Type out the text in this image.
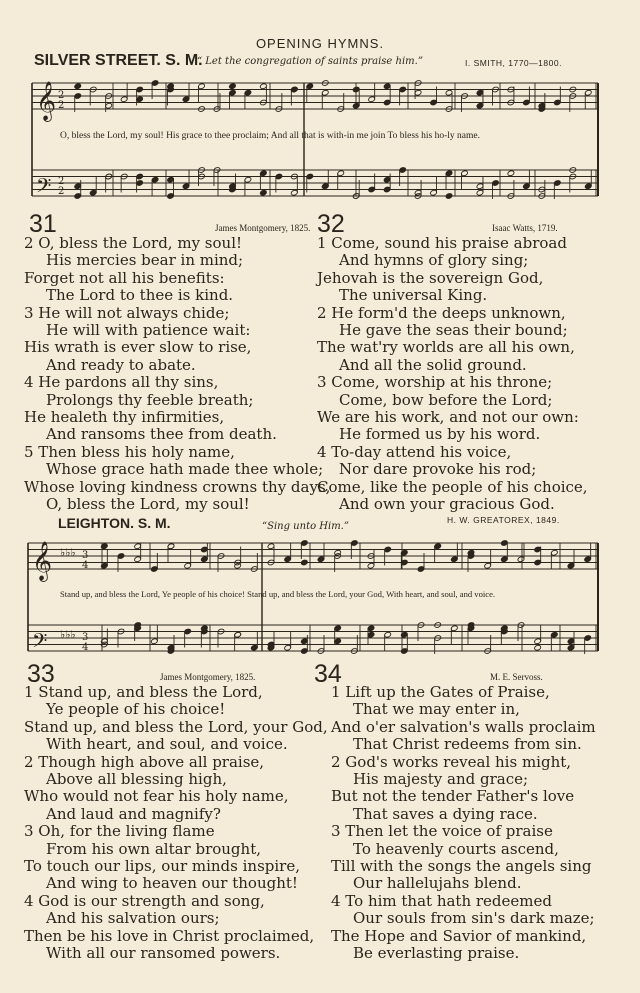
OPENING HYMNS.
SILVER STREET. S. M.
“ Let the congregation of saints praise him.”	I. SMITH, 1770—1800.
𝄞
𝄢
2
2
2
2
O, bless the Lord, my soul! His grace to thee proclaim; And all that is with-in me join To bless his ho-ly name.
31	James Montgomery, 1825.
2 O, bless the Lord, my soul!
His mercies bear in mind;
Forget not all his benefits:
The Lord to thee is kind.
3 He will not always chide;
He will with patience wait:
His wrath is ever slow to rise,
And ready to abate.
4 He pardons all thy sins,
Prolongs thy feeble breath;
He healeth thy infirmities,
And ransoms thee from death.
5 Then bless his holy name,
Whose grace hath made thee whole;
Whose loving kindness crowns thy days,
O, bless the Lord, my soul!
32	Isaac Watts, 1719.
1 Come, sound his praise abroad
And hymns of glory sing;
Jehovah is the sovereign God,
The universal King.
2 He form'd the deeps unknown,
He gave the seas their bound;
The wat'ry worlds are all his own,
And all the solid ground.
3 Come, worship at his throne;
Come, bow before the Lord;
We are his work, and not our own:
He formed us by his word.
4 To-day attend his voice,
Nor dare provoke his rod;
Come, like the people of his choice,
And own your gracious God.
LEIGHTON. S. M.	“Sing unto Him.”
H. W. GREATOREX, 1849.
𝄞
𝄢
♭♭♭
♭♭♭
3
4
3
4
Stand up, and bless the Lord, Ye people of his choice! Stand up, and bless the Lord, your God, With heart, and soul, and voice.
33	James Montgomery, 1825.
1 Stand up, and bless the Lord,
Ye people of his choice!
Stand up, and bless the Lord, your God,
With heart, and soul, and voice.
2 Though high above all praise,
Above all blessing high,
Who would not fear his holy name,
And laud and magnify?
3 Oh, for the living flame
From his own altar brought,
To touch our lips, our minds inspire,
And wing to heaven our thought!
4 God is our strength and song,
And his salvation ours;
Then be his love in Christ proclaimed,
With all our ransomed powers.
34	M. E. Servoss.
1 Lift up the Gates of Praise,
That we may enter in,
And o'er salvation's walls proclaim
That Christ redeems from sin.
2 God's works reveal his might,
His majesty and grace;
But not the tender Father's love
That saves a dying race.
3 Then let the voice of praise
To heavenly courts ascend,
Till with the songs the angels sing
Our hallelujahs blend.
4 To him that hath redeemed
Our souls from sin's dark maze;
The Hope and Savior of mankind,
Be everlasting praise.
